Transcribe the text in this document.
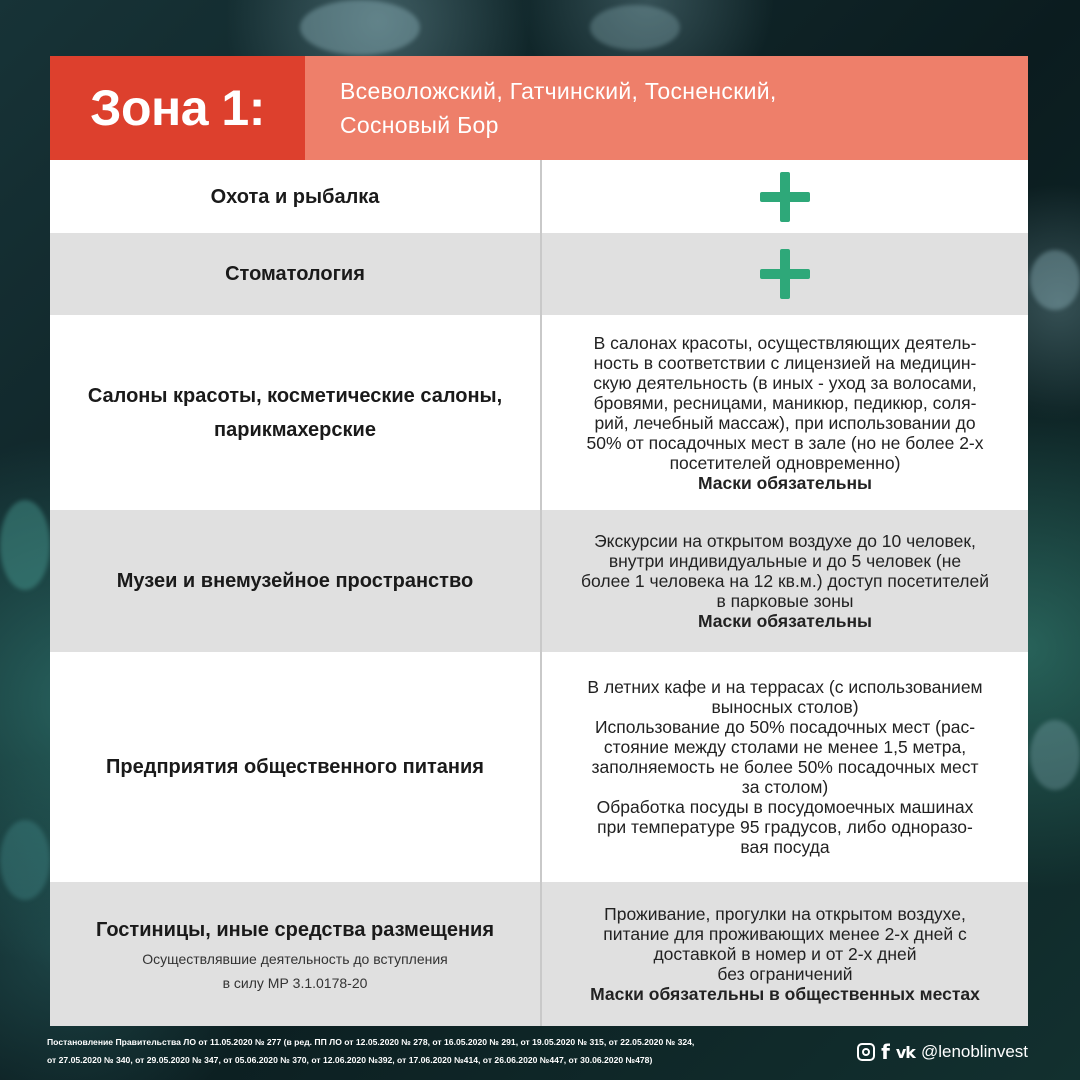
Зона 1:	Всеволожский, Гатчинский, Тосненский,
Сосновый Бор
Охота и рыбалка
Стоматология
Салоны красоты, косметические салоны,
парикмахерские
В салонах красоты, осуществляющих деятель-
ность в соответствии с лицензией на медицин-
скую деятельность (в иных - уход за волосами,
бровями, ресницами, маникюр, педикюр, соля-
рий, лечебный массаж), при использовании до
50% от посадочных мест в зале (но не более 2-х
посетителей одновременно)
Маски обязательны
Музеи и внемузейное пространство
Экскурсии на открытом воздухе до 10 человек,
внутри индивидуальные и до 5 человек (не
более 1 человека на 12 кв.м.) доступ посетителей
в парковые зоны
Маски обязательны
Предприятия общественного питания
В летних кафе и на террасах (с использованием
выносных столов)
Использование до 50% посадочных мест (рас-
стояние между столами не менее 1,5 метра,
заполняемость не более 50% посадочных мест
за столом)
Обработка посуды в посудомоечных машинах
при температуре 95 градусов, либо одноразо-
вая посуда
Гостиницы, иные средства размещения
Осуществлявшие деятельность до вступления
в силу МР 3.1.0178-20
Проживание, прогулки на открытом воздухе,
питание для проживающих менее 2-х дней с
доставкой в номер и от 2-х дней
без ограничений
Маски обязательны в общественных местах
Постановление Правительства ЛО от 11.05.2020 № 277 (в ред. ПП ЛО от 12.05.2020 № 278, от 16.05.2020 № 291, от 19.05.2020 № 315, от 22.05.2020 № 324,
от 27.05.2020 № 340, от 29.05.2020 № 347, от 05.06.2020 № 370, от 12.06.2020 №392, от 17.06.2020 №414, от 26.06.2020 №447, от 30.06.2020 №478)	f vk @lenoblinvest
